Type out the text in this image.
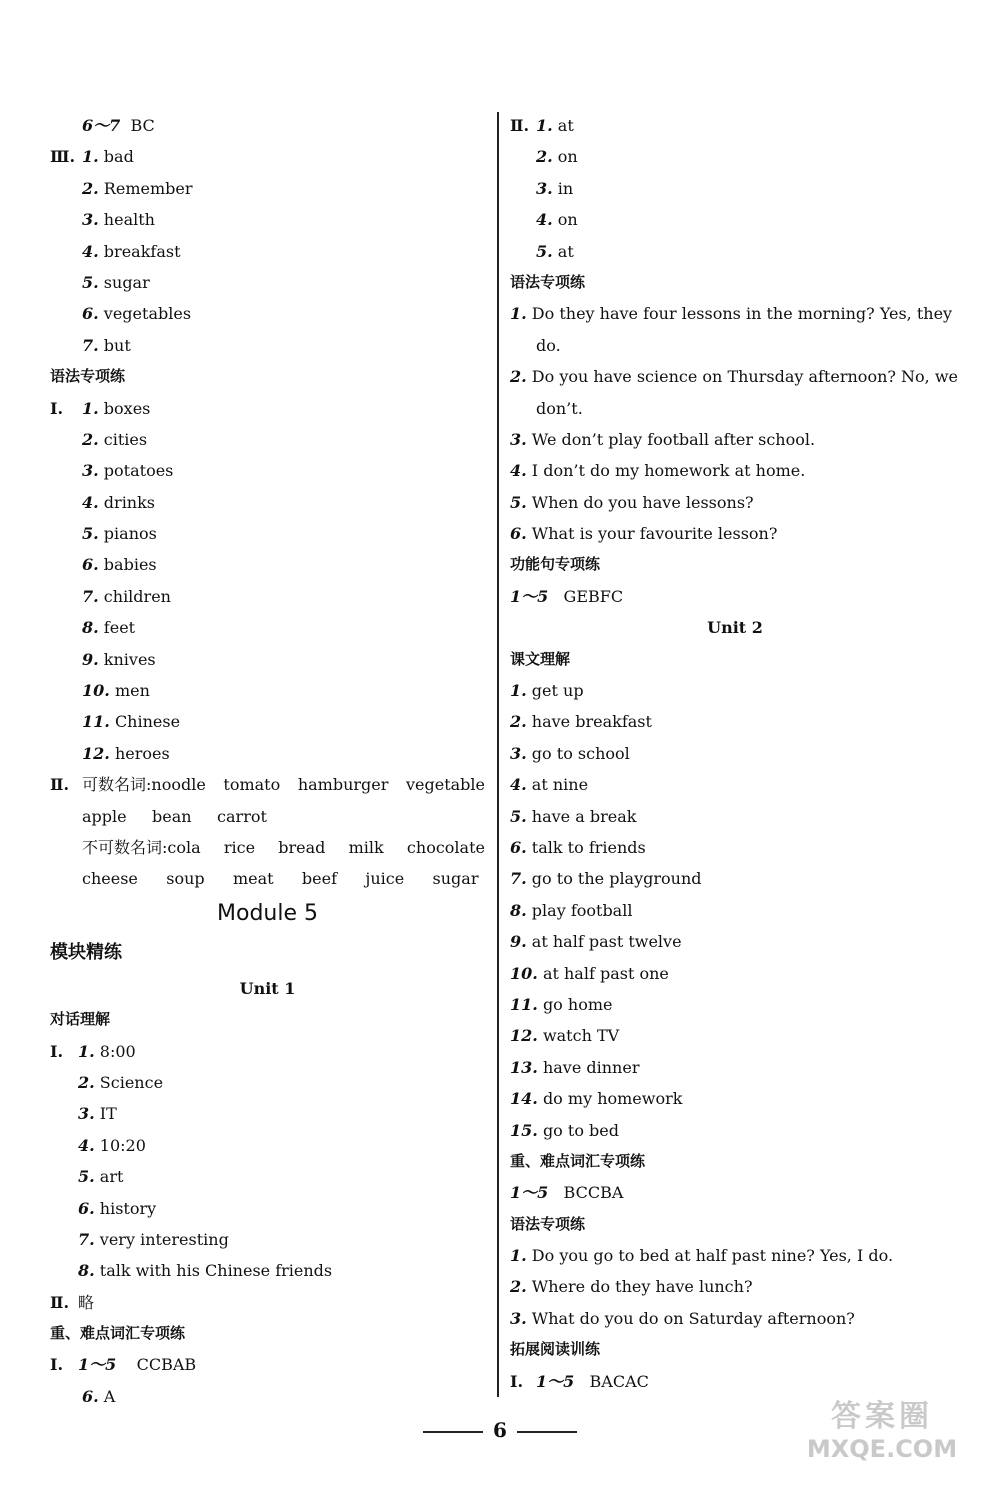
6～7 BC
Ⅲ. 1. bad
2. Remember
3. health
4. breakfast
5. sugar
6. vegetables
7. but
语法专项练
Ⅰ. 1. boxes
2. cities
3. potatoes
4. drinks
5. pianos
6. babies
7. children
8. feet
9. knives
10. men
11. Chinese
12. heroes
Ⅱ. 可数名词:noodle tomato hamburger vegetable
apple bean carrot
不可数名词:cola rice bread milk chocolate
cheese soup meat beef juice sugar
Module 5
模块精练
Unit 1
对话理解
Ⅰ. 1. 8:00
2. Science
3. IT
4. 10:20
5. art
6. history
7. very interesting
8. talk with his Chinese friends
Ⅱ. 略
重、难点词汇专项练
Ⅰ. 1～5 CCBAB
6. A
Ⅱ. 1. at
2. on
3. in
4. on
5. at
语法专项练
1. Do they have four lessons in the morning? Yes, they
do.
2. Do you have science on Thursday afternoon? No, we
don’t.
3. We don’t play football after school.
4. I don’t do my homework at home.
5. When do you have lessons?
6. What is your favourite lesson?
功能句专项练
1～5 GEBFC
Unit 2
课文理解
1. get up
2. have breakfast
3. go to school
4. at nine
5. have a break
6. talk to friends
7. go to the playground
8. play football
9. at half past twelve
10. at half past one
11. go home
12. watch TV
13. have dinner
14. do my homework
15. go to bed
重、难点词汇专项练
1～5 BCCBA
语法专项练
1. Do you go to bed at half past nine? Yes, I do.
2. Where do they have lunch?
3. What do you do on Saturday afternoon?
拓展阅读训练
Ⅰ. 1～5 BACAC
6	答案圈
MXQE.COM
